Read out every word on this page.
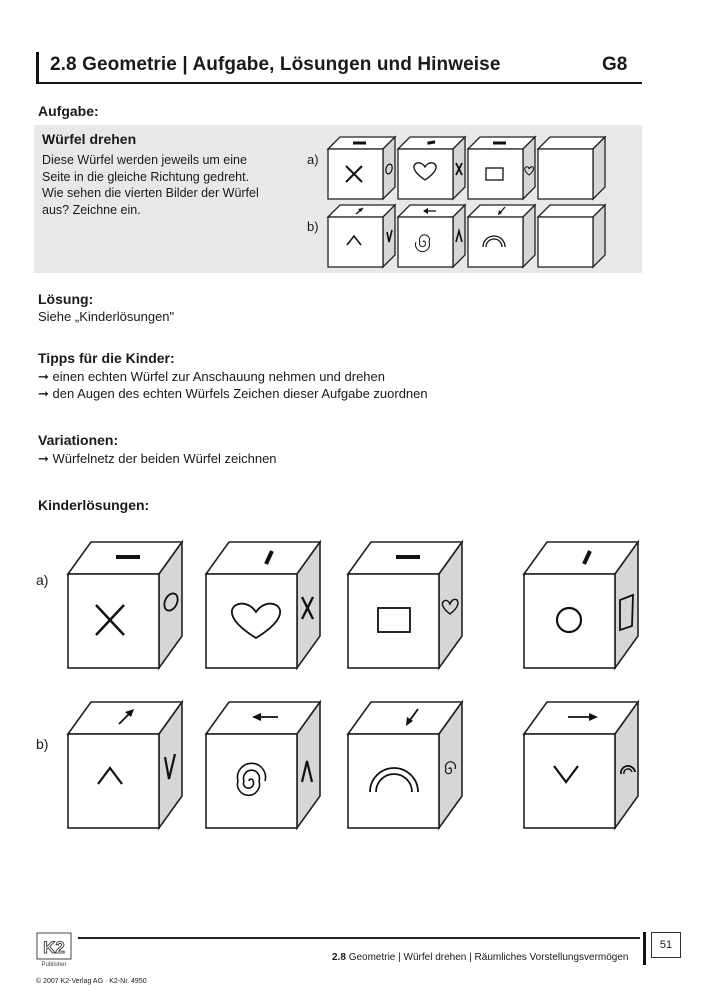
2.8 Geometrie | Aufgabe, Lösungen und Hinweise	G8
Aufgabe:
Würfel drehen
Diese Würfel werden jeweils um eine
Seite in die gleiche Richtung gedreht.
Wie sehen die vierten Bilder der Würfel
aus? Zeichne ein.
a)
b)
Lösung:
Siehe „Kinderlösungen"
Tipps für die Kinder:
➞ einen echten Würfel zur Anschauung nehmen und drehen
➞ den Augen des echten Würfels Zeichen dieser Aufgabe zuordnen
Variationen:
➞ Würfelnetz der beiden Würfel zeichnen
Kinderlösungen:
a)
b)
K2
Publisher
51
2.8 Geometrie | Würfel drehen | Räumliches Vorstellungsvermögen
© 2007 K2-Verlag AG · K2-Nr. 4950
